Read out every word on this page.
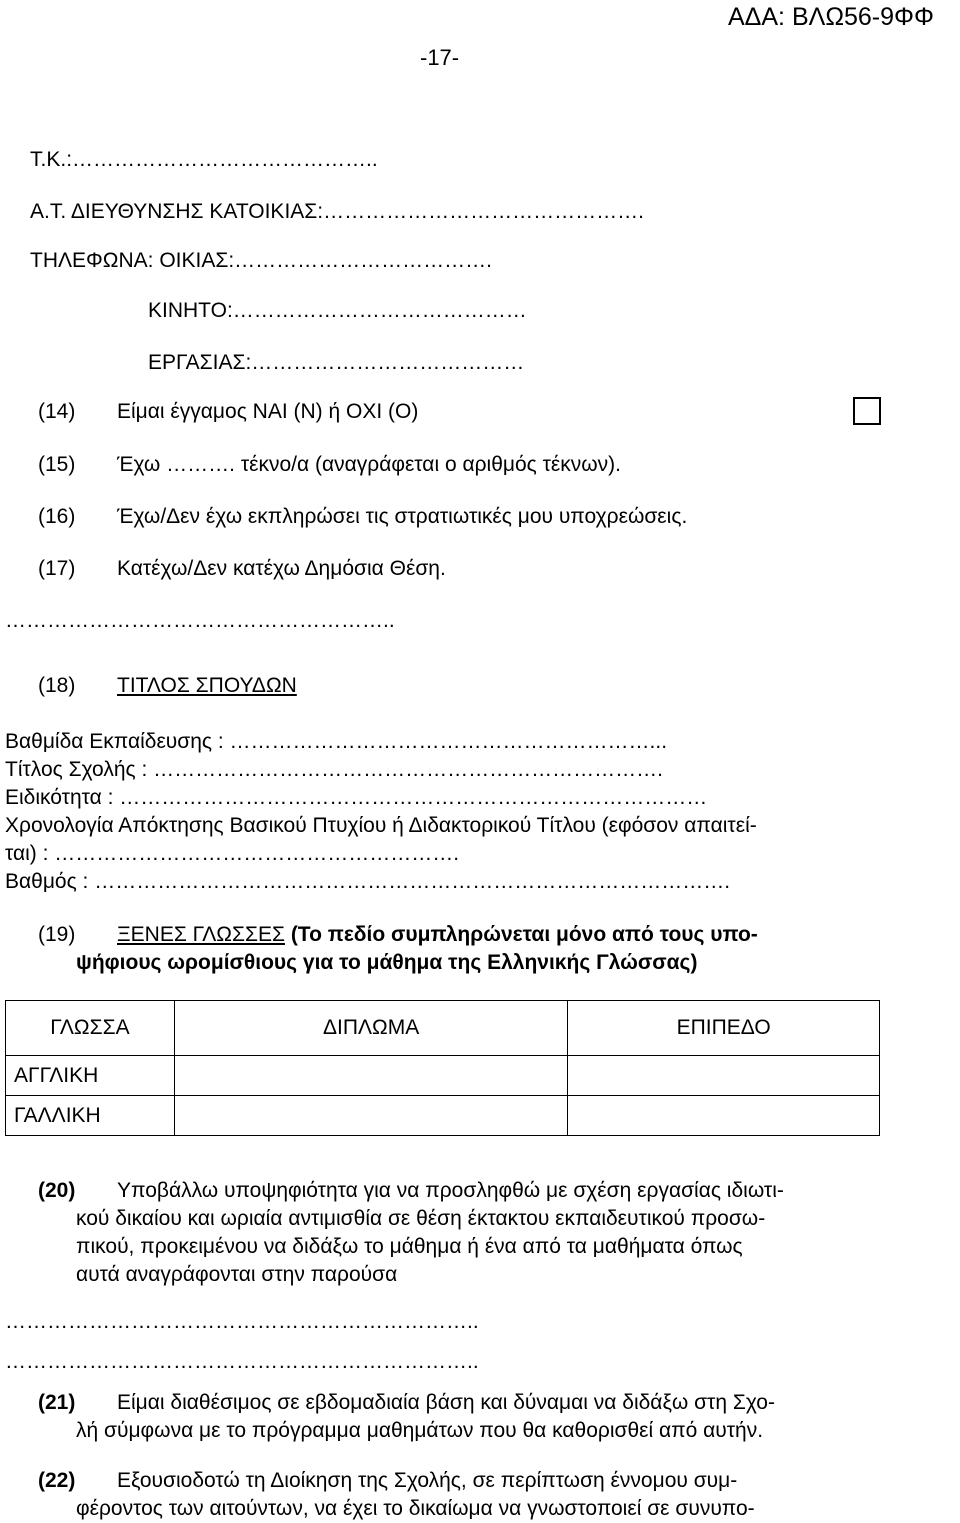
ΑΔΑ: ΒΛΩ56-9ΦΦ
-17-
Τ.Κ.:……………………………………..
Α.Τ. ΔΙΕΥΘΥΝΣΗΣ ΚΑΤΟΙΚΙΑΣ:……………………………………….
ΤΗΛΕΦΩΝΑ: ΟΙΚΙΑΣ:……………………………….
ΚΙΝΗΤΟ:……………………………………
ΕΡΓΑΣΙΑΣ:…………………………………
(14) Είμαι έγγαμος ΝΑΙ (Ν) ή ΟΧΙ (Ο)
(15) Έχω ………. τέκνο/α (αναγράφεται ο αριθμός τέκνων).
(16) Έχω/Δεν έχω εκπληρώσει τις στρατιωτικές μου υποχρεώσεις.
(17) Κατέχω/Δεν κατέχω Δημόσια Θέση.
………………………………………………..
(18) ΤΙΤΛΟΣ ΣΠΟΥΔΩΝ
Βαθμίδα Εκπαίδευσης : ……………………………………………………...
Τίτλος Σχολής : ……………………………………………………………….
Ειδικότητα : …………………………………………………………………………
Χρονολογία Απόκτησης Βασικού Πτυχίου ή Διδακτορικού Τίτλου (εφόσον απαιτεί-
ται) : ………………………………………………….
Βαθμός : ……………………………………………………………………………….
(19) ΞΕΝΕΣ ΓΛΩΣΣΕΣ (Το πεδίο συμπληρώνεται μόνο από τους υπο-
ψήφιους ωρομίσθιους για το μάθημα της Ελληνικής Γλώσσας)
ΓΛΩΣΣΑ	ΔΙΠΛΩΜΑ	ΕΠΙΠΕΔΟ
ΑΓΓΛΙΚΗ		
ΓΑΛΛΙΚΗ		
(20) Υποβάλλω υποψηφιότητα για να προσληφθώ με σχέση εργασίας ιδιωτι-
κού δικαίου και ωριαία αντιμισθία σε θέση έκτακτου εκπαιδευτικού προσω-
πικού, προκειμένου να διδάξω το μάθημα ή ένα από τα μαθήματα όπως
αυτά αναγράφονται στην παρούσα
…………………………………………………………..
…………………………………………………………..
(21) Είμαι διαθέσιμος σε εβδομαδιαία βάση και δύναμαι να διδάξω στη Σχο-
λή σύμφωνα με το πρόγραμμα μαθημάτων που θα καθορισθεί από αυτήν.
(22) Εξουσιοδοτώ τη Διοίκηση της Σχολής, σε περίπτωση έννομου συμ-
φέροντος των αιτούντων, να έχει το δικαίωμα να γνωστοποιεί σε συνυπο-
